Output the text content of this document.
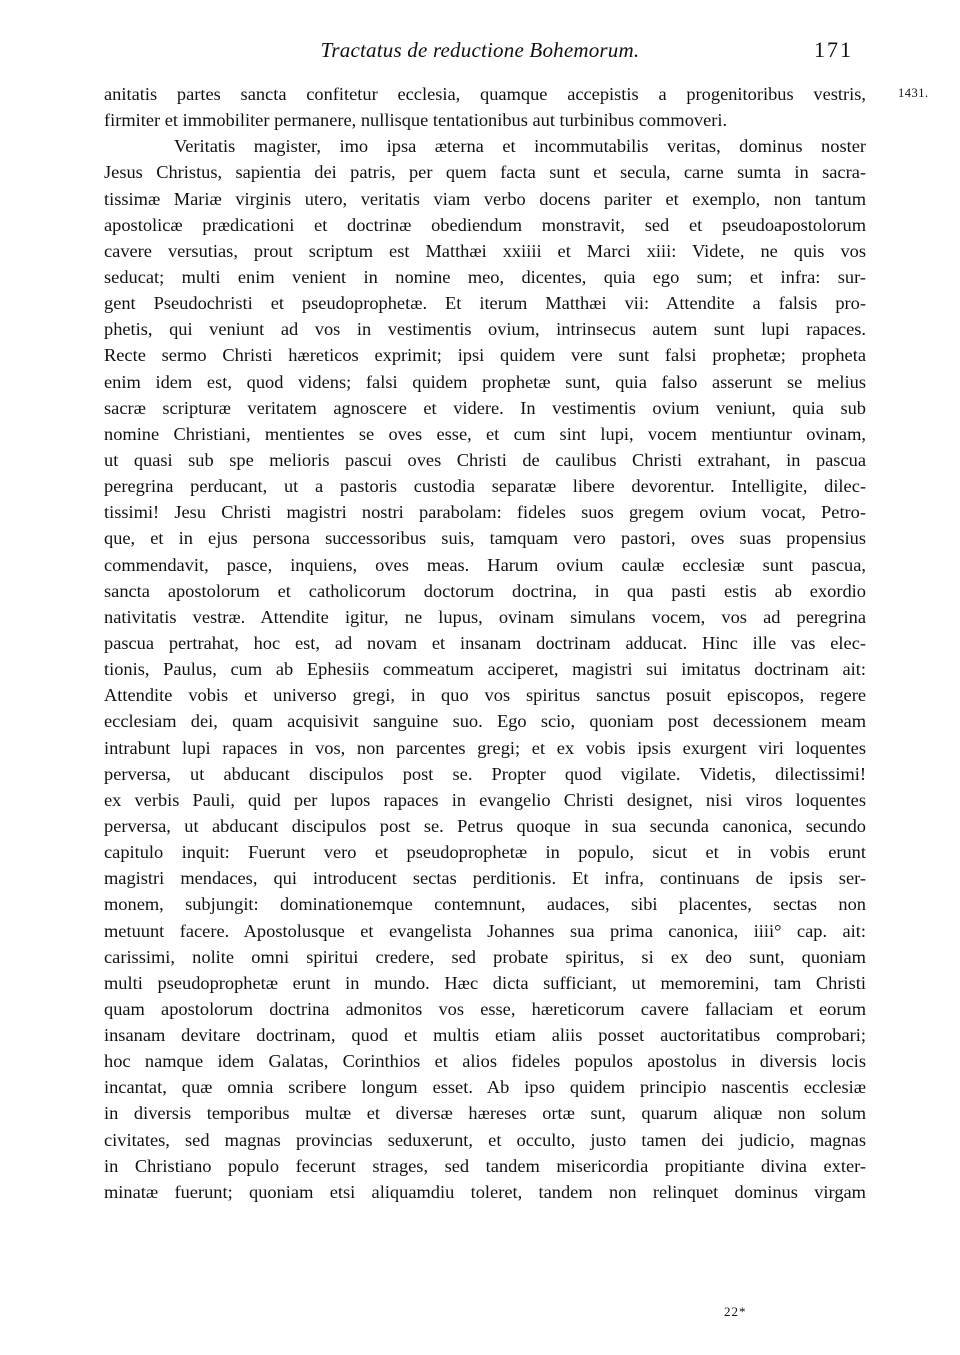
Tractatus de reductione Bohemorum.	171
1431.
anitatis partes sancta confitetur ecclesia, quamque accepistis a progenitoribus vestris,
firmiter et immobiliter permanere, nullisque tentationibus aut turbinibus commoveri.
Veritatis magister, imo ipsa æterna et incommutabilis veritas, dominus noster
Jesus Christus, sapientia dei patris, per quem facta sunt et secula, carne sumta in sacra-
tissimæ Mariæ virginis utero, veritatis viam verbo docens pariter et exemplo, non tantum
apostolicæ prædicationi et doctrinæ obediendum monstravit, sed et pseudoapostolorum
cavere versutias, prout scriptum est Matthæi xxiiii et Marci xiii: Videte, ne quis vos
seducat; multi enim venient in nomine meo, dicentes, quia ego sum; et infra: sur-
gent Pseudochristi et pseudoprophetæ. Et iterum Matthæi vii: Attendite a falsis pro-
phetis, qui veniunt ad vos in vestimentis ovium, intrinsecus autem sunt lupi rapaces.
Recte sermo Christi hæreticos exprimit; ipsi quidem vere sunt falsi prophetæ; propheta
enim idem est, quod videns; falsi quidem prophetæ sunt, quia falso asserunt se melius
sacræ scripturæ veritatem agnoscere et videre. In vestimentis ovium veniunt, quia sub
nomine Christiani, mentientes se oves esse, et cum sint lupi, vocem mentiuntur ovinam,
ut quasi sub spe melioris pascui oves Christi de caulibus Christi extrahant, in pascua
peregrina perducant, ut a pastoris custodia separatæ libere devorentur. Intelligite, dilec-
tissimi! Jesu Christi magistri nostri parabolam: fideles suos gregem ovium vocat, Petro-
que, et in ejus persona successoribus suis, tamquam vero pastori, oves suas propensius
commendavit, pasce, inquiens, oves meas. Harum ovium caulæ ecclesiæ sunt pascua,
sancta apostolorum et catholicorum doctorum doctrina, in qua pasti estis ab exordio
nativitatis vestræ. Attendite igitur, ne lupus, ovinam simulans vocem, vos ad peregrina
pascua pertrahat, hoc est, ad novam et insanam doctrinam adducat. Hinc ille vas elec-
tionis, Paulus, cum ab Ephesiis commeatum acciperet, magistri sui imitatus doctrinam ait:
Attendite vobis et universo gregi, in quo vos spiritus sanctus posuit episcopos, regere
ecclesiam dei, quam acquisivit sanguine suo. Ego scio, quoniam post decessionem meam
intrabunt lupi rapaces in vos, non parcentes gregi; et ex vobis ipsis exurgent viri loquentes
perversa, ut abducant discipulos post se. Propter quod vigilate. Videtis, dilectissimi!
ex verbis Pauli, quid per lupos rapaces in evangelio Christi designet, nisi viros loquentes
perversa, ut abducant discipulos post se. Petrus quoque in sua secunda canonica, secundo
capitulo inquit: Fuerunt vero et pseudoprophetæ in populo, sicut et in vobis erunt
magistri mendaces, qui introducent sectas perditionis. Et infra, continuans de ipsis ser-
monem, subjungit: dominationemque contemnunt, audaces, sibi placentes, sectas non
metuunt facere. Apostolusque et evangelista Johannes sua prima canonica, iiii° cap. ait:
carissimi, nolite omni spiritui credere, sed probate spiritus, si ex deo sunt, quoniam
multi pseudoprophetæ erunt in mundo. Hæc dicta sufficiant, ut memoremini, tam Christi
quam apostolorum doctrina admonitos vos esse, hæreticorum cavere fallaciam et eorum
insanam devitare doctrinam, quod et multis etiam aliis posset auctoritatibus comprobari;
hoc namque idem Galatas, Corinthios et alios fideles populos apostolus in diversis locis
incantat, quæ omnia scribere longum esset. Ab ipso quidem principio nascentis ecclesiæ
in diversis temporibus multæ et diversæ hæreses ortæ sunt, quarum aliquæ non solum
civitates, sed magnas provincias seduxerunt, et occulto, justo tamen dei judicio, magnas
in Christiano populo fecerunt strages, sed tandem misericordia propitiante divina exter-
minatæ fuerunt; quoniam etsi aliquamdiu toleret, tandem non relinquet dominus virgam
22*
